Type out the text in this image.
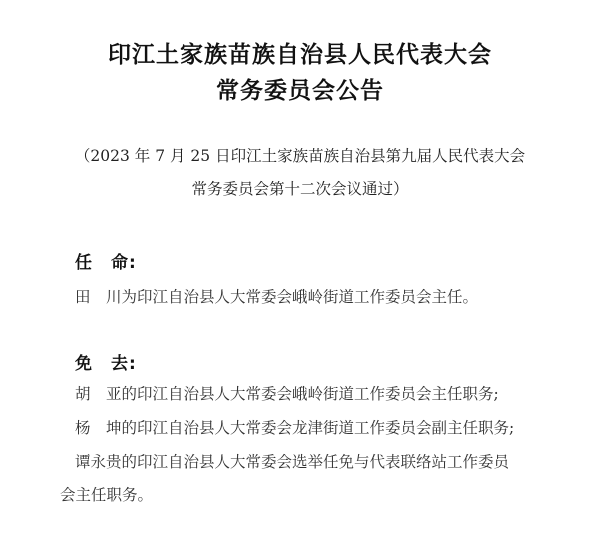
印江土家族苗族自治县人民代表大会
常务委员会公告
（2023 年 7 月 25 日印江土家族苗族自治县第九届人民代表大会
常务委员会第十二次会议通过）
任　命:
田　川为印江自治县人大常委会峨岭街道工作委员会主任。
免　去:
胡　亚的印江自治县人大常委会峨岭街道工作委员会主任职务;
杨　坤的印江自治县人大常委会龙津街道工作委员会副主任职务;
谭永贵的印江自治县人大常委会选举任免与代表联络站工作委员
会主任职务。
